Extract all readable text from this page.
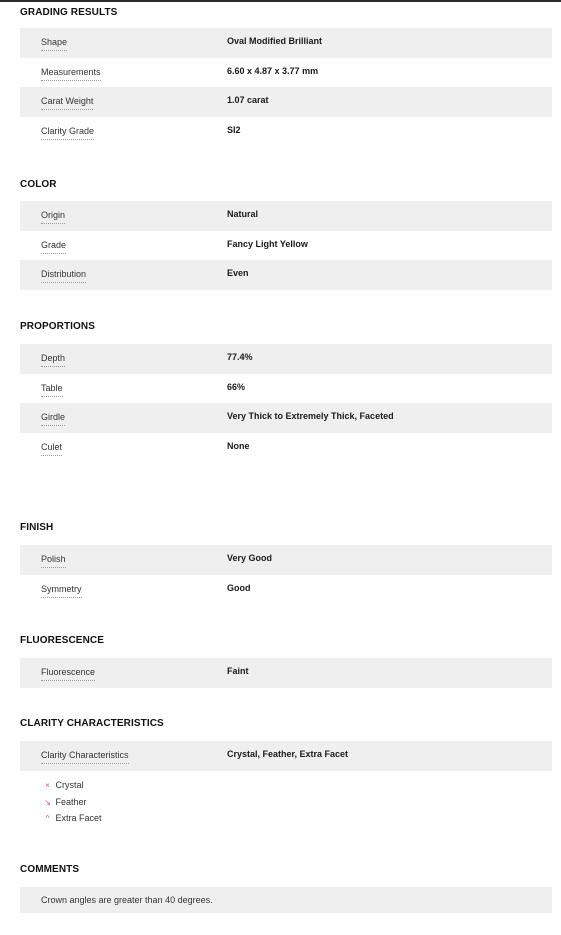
GRADING RESULTS
Shape	Oval Modified Brilliant
Measurements	6.60 x 4.87 x 3.77 mm
Carat Weight	1.07 carat
Clarity Grade	SI2
COLOR
Origin	Natural
Grade	Fancy Light Yellow
Distribution	Even
PROPORTIONS
Depth	77.4%
Table	66%
Girdle	Very Thick to Extremely Thick, Faceted
Culet	None
FINISH
Polish	Very Good
Symmetry	Good
FLUORESCENCE
Fluorescence	Faint
CLARITY CHARACTERISTICS
Clarity Characteristics	Crystal, Feather, Extra Facet
× Crystal
↘ Feather
^ Extra Facet
COMMENTS
Crown angles are greater than 40 degrees.
